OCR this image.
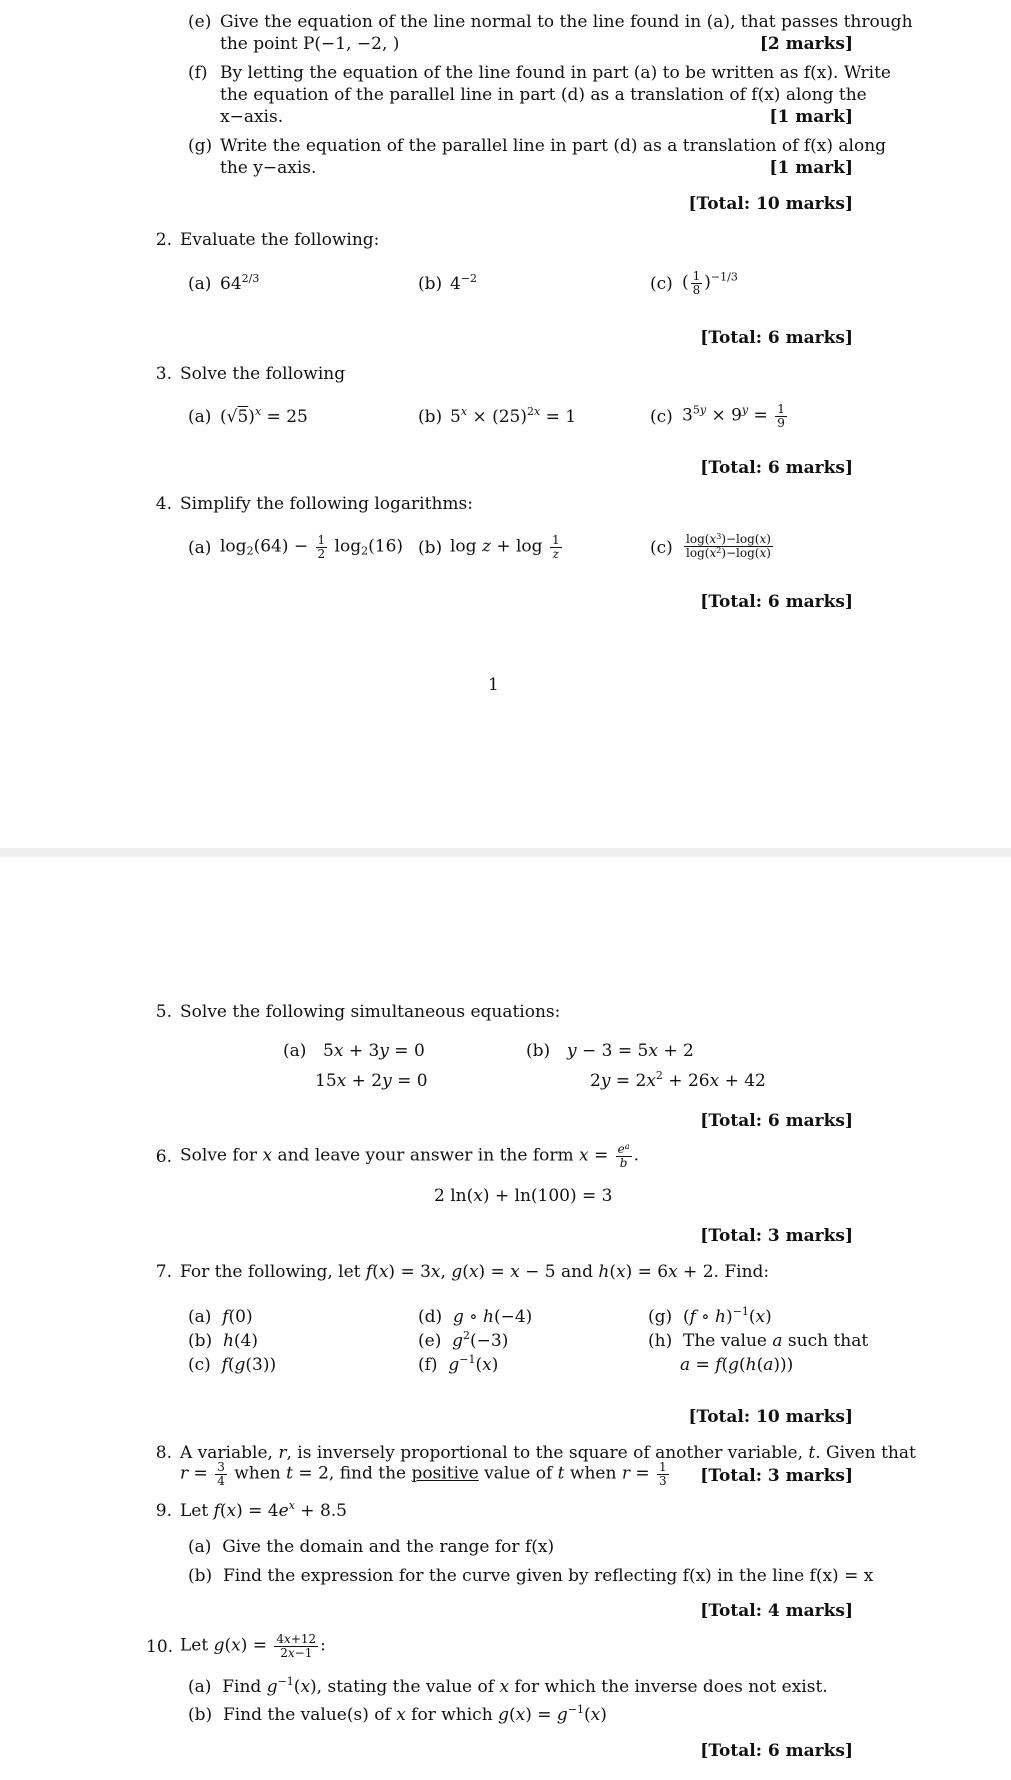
(e) Give the equation of the line normal to the line found in (a), that passes through
the point P(−1, −2, )	[2 marks]
(f) By letting the equation of the line found in part (a) to be written as f(x). Write
the equation of the parallel line in part (d) as a translation of f(x) along the
x−axis.	[1 mark]
(g) Write the equation of the parallel line in part (d) as a translation of f(x) along
the y−axis.	[1 mark]
[Total: 10 marks]
2. Evaluate the following:
(a) $64^{2/3}$	(b) $4^{-2}$	(c) ( $\frac{1}{8} )^{-1/3}$
[Total: 6 marks]
3. Solve the following
(a) $(√5)^x = 25$	(b) $5^x \times (25)^{2x} = 1$	(c) $3^{5y} \times 9^y = \frac{1}{9}$
[Total: 6 marks]
4. Simplify the following logarithms:
(a) $\log_2(64) - \frac{1}{2} \log_2(16)$ (b) $\log z + \log \frac{1}{z}$	$(c) \frac{\log(x^3)-\log(x)}{\log(x^2)-\log(x)}$
[Total: 6 marks]
1
5. Solve the following simultaneous equations:
(a) 5x + 3y = 0
15x + 2y = 0
(b) y − 3 = 5x + 2
$2y = 2x^2 + 26x + 42$
[Total: 6 marks]
6. Solve for x and leave your answer in the form $x = \frac{e^a}{b}$ .
2 ln(x) + ln(100) = 3
[Total: 3 marks]
7. For the following, let f(x) = 3x, g(x) = x − 5 and h(x) = 6x + 2. Find:
(a)  f(0)
(b)  h(4)
(c)  f(g(3))
(d)  g ∘ h(−4)
(e)  $g^2(-3)$
(f)  $g^{-1}(x)$
(g)  (f ∘ h)$^{-1}$(x)
(h)  The value a such that
a = f(g(h(a)))
[Total: 10 marks]
8. A variable, r, is inversely proportional to the square of another variable, t. Given that
$r = \frac{3}{4}$ when t = 2, find the positive value of t when $r = \frac{1}{3}$ [Total: 3 marks]
9. Let $f(x) = 4e^x + 8.5$
(a)  Give the domain and the range for f(x)
(b)  Find the expression for the curve given by reflecting f(x) in the line f(x) = x
[Total: 4 marks]
10. Let $g(x) = \frac{4x+12}{2x-1}$ :
(a)  Find $g^{-1}(x)$, stating the value of x for which the inverse does not exist.
(b)  Find the value(s) of x for which $g(x) = g^{-1}(x)$
[Total: 6 marks]
